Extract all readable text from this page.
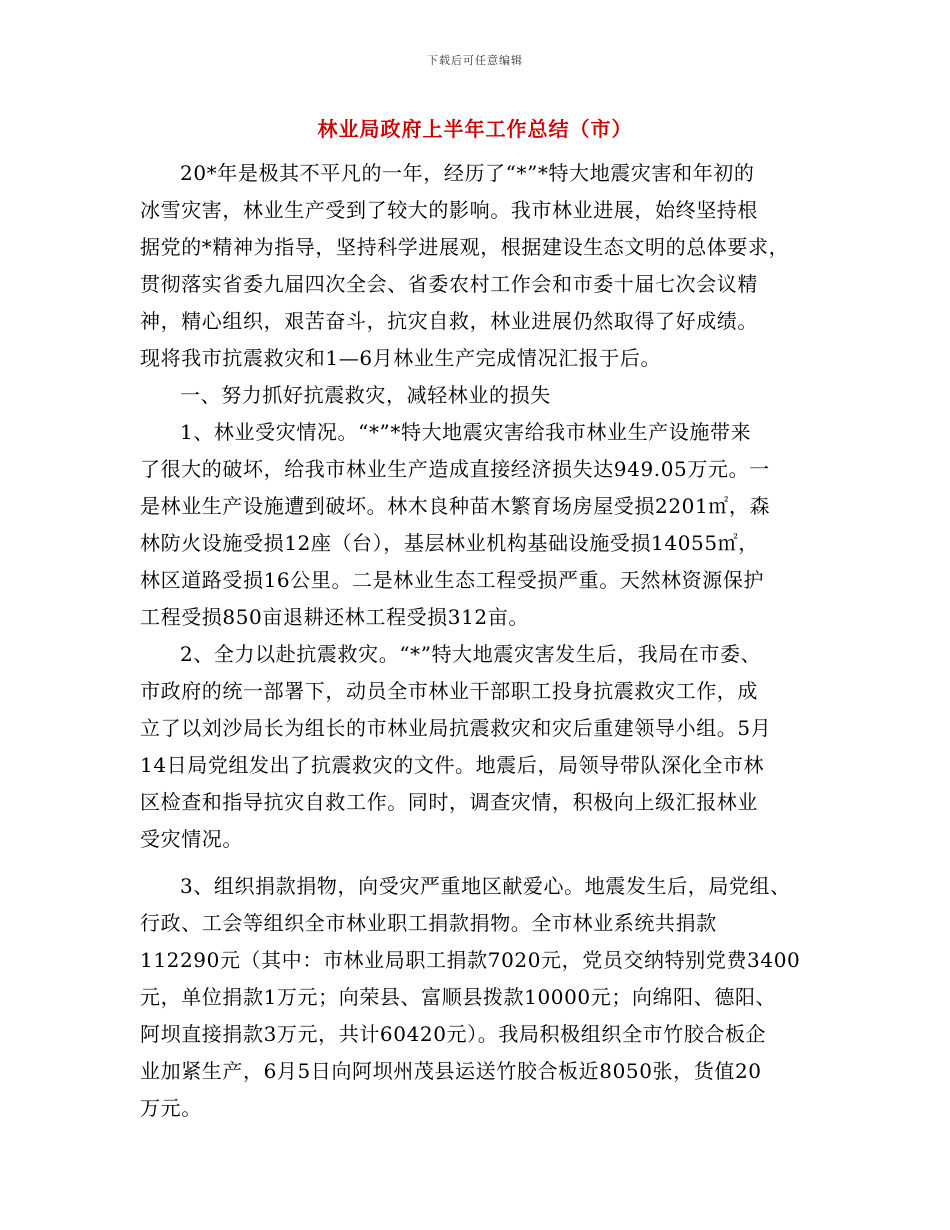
下载后可任意编辑
林业局政府上半年工作总结（市）
20*年是极其不平凡的一年，经历了“*”*特大地震灾害和年初的
冰雪灾害，林业生产受到了较大的影响。我市林业进展，始终坚持根
据党的*精神为指导，坚持科学进展观，根据建设生态文明的总体要求，
贯彻落实省委九届四次全会、省委农村工作会和市委十届七次会议精
神，精心组织，艰苦奋斗，抗灾自救，林业进展仍然取得了好成绩。
现将我市抗震救灾和1—6月林业生产完成情况汇报于后。
一、努力抓好抗震救灾，减轻林业的损失
1、林业受灾情况。“*”*特大地震灾害给我市林业生产设施带来
了很大的破坏，给我市林业生产造成直接经济损失达949.05万元。一
是林业生产设施遭到破坏。林木良种苗木繁育场房屋受损2201㎡，森
林防火设施受损12座（台），基层林业机构基础设施受损14055㎡，
林区道路受损16公里。二是林业生态工程受损严重。天然林资源保护
工程受损850亩退耕还林工程受损312亩。
2、全力以赴抗震救灾。“*”特大地震灾害发生后，我局在市委、
市政府的统一部署下，动员全市林业干部职工投身抗震救灾工作，成
立了以刘沙局长为组长的市林业局抗震救灾和灾后重建领导小组。5月
14日局党组发出了抗震救灾的文件。地震后，局领导带队深化全市林
区检查和指导抗灾自救工作。同时，调查灾情，积极向上级汇报林业
受灾情况。
3、组织捐款捐物，向受灾严重地区献爱心。地震发生后，局党组、
行政、工会等组织全市林业职工捐款捐物。全市林业系统共捐款
112290元（其中：市林业局职工捐款7020元，党员交纳特别党费3400
元，单位捐款1万元；向荣县、富顺县拨款10000元；向绵阳、德阳、
阿坝直接捐款3万元，共计60420元）。我局积极组织全市竹胶合板企
业加紧生产，6月5日向阿坝州茂县运送竹胶合板近8050张，货值20
万元。
